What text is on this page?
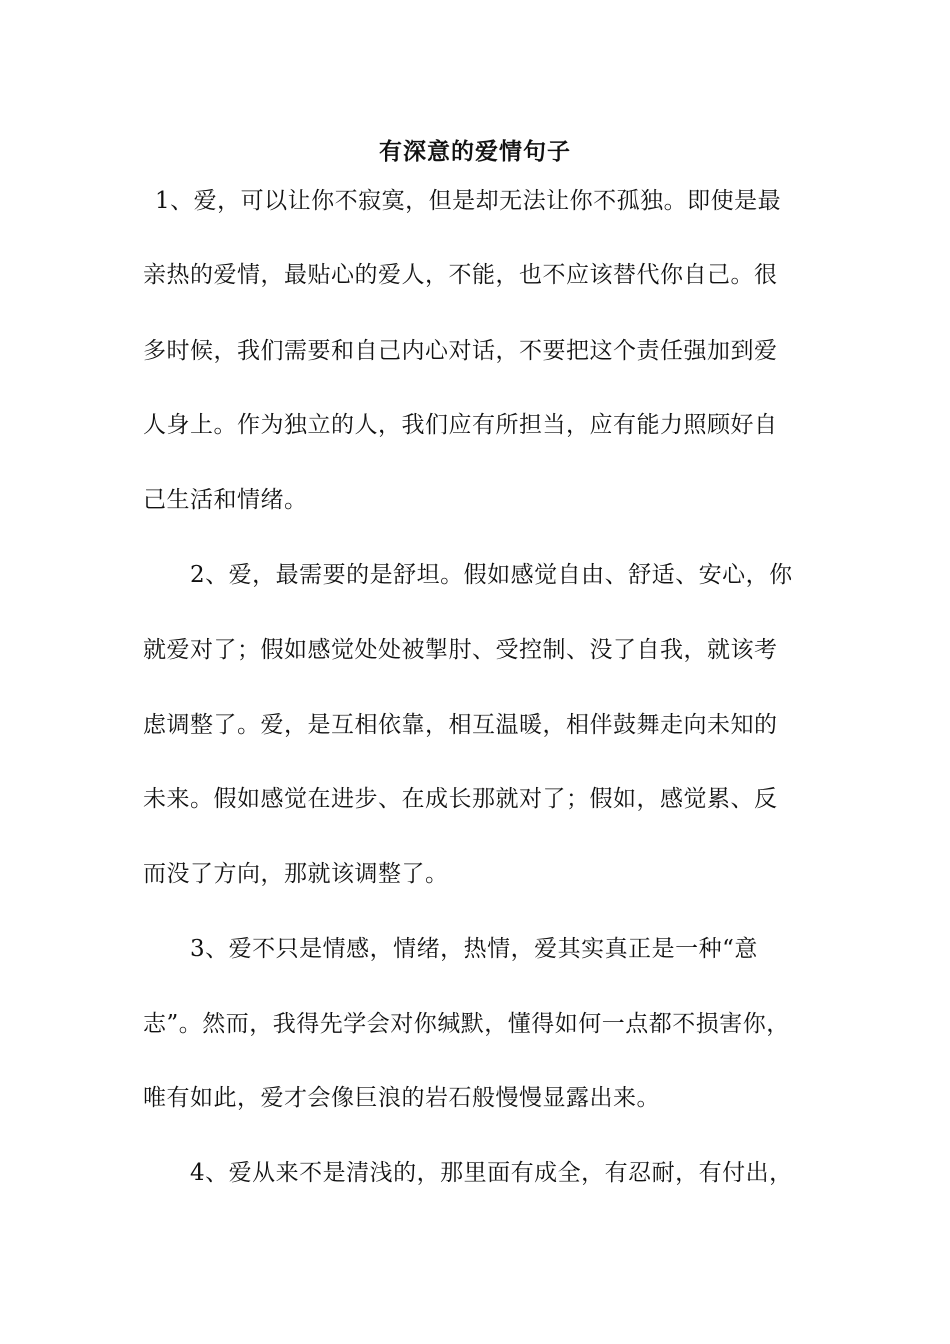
有深意的爱情句子
1、爱，可以让你不寂寞，但是却无法让你不孤独。即使是最
亲热的爱情，最贴心的爱人，不能，也不应该替代你自己。很
多时候，我们需要和自己内心对话，不要把这个责任强加到爱
人身上。作为独立的人，我们应有所担当，应有能力照顾好自
己生活和情绪。
2、爱，最需要的是舒坦。假如感觉自由、舒适、安心，你
就爱对了；假如感觉处处被掣肘、受控制、没了自我，就该考
虑调整了。爱，是互相依靠，相互温暖，相伴鼓舞走向未知的
未来。假如感觉在进步、在成长那就对了；假如，感觉累、反
而没了方向，那就该调整了。
3、爱不只是情感，情绪，热情，爱其实真正是一种“意
志”。然而，我得先学会对你缄默，懂得如何一点都不损害你，
唯有如此，爱才会像巨浪的岩石般慢慢显露出来。
4、爱从来不是清浅的，那里面有成全，有忍耐，有付出，
